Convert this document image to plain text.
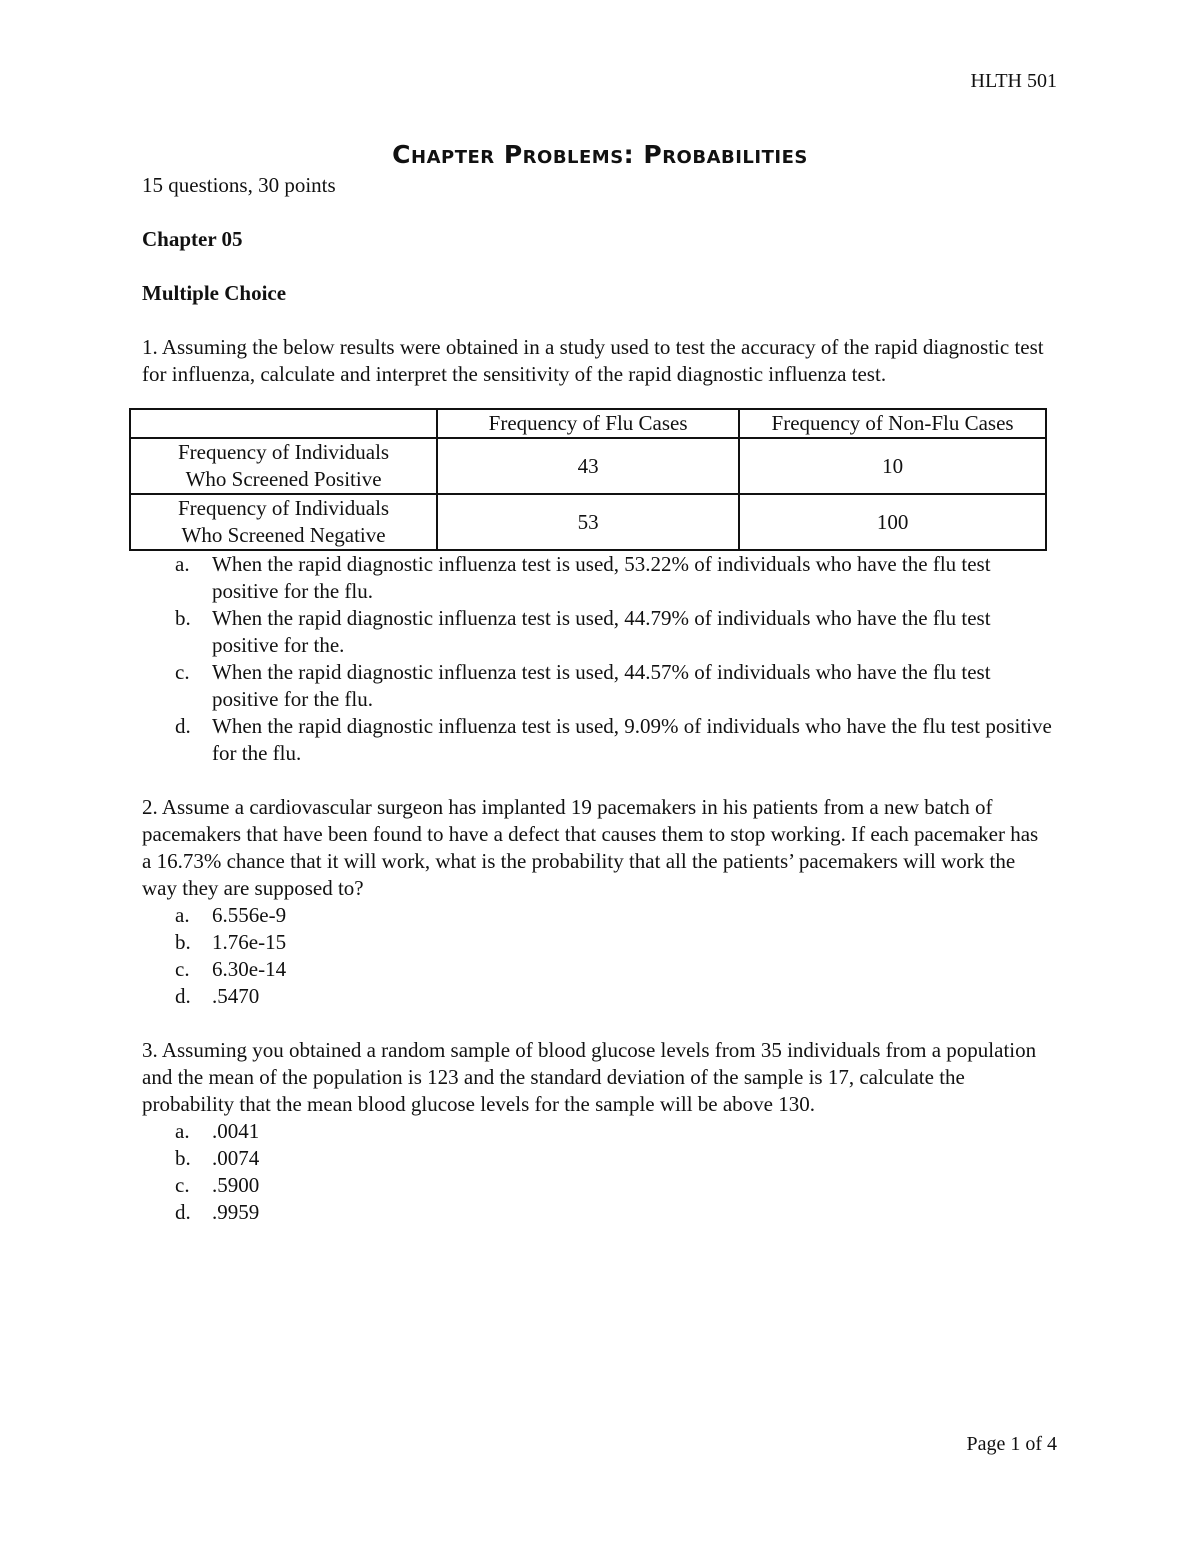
HLTH 501
Chapter Problems: Probabilities

15 questions, 30 points

Chapter 05

Multiple Choice

1. Assuming the below results were obtained in a study used to test the accuracy of the rapid diagnostic test for influenza, calculate and interpret the sensitivity of the rapid diagnostic influenza test.

	Frequency of Flu Cases	Frequency of Non-Flu Cases
Frequency of Individuals
Who Screened Positive	43	10
Frequency of Individuals
Who Screened Negative	53	100
a. When the rapid diagnostic influenza test is used, 53.22% of individuals who have the flu test positive for the flu.
b. When the rapid diagnostic influenza test is used, 44.79% of individuals who have the flu test positive for the.
c. When the rapid diagnostic influenza test is used, 44.57% of individuals who have the flu test positive for the flu.
d. When the rapid diagnostic influenza test is used, 9.09% of individuals who have the flu test positive for the flu.

2. Assume a cardiovascular surgeon has implanted 19 pacemakers in his patients from a new batch of pacemakers that have been found to have a defect that causes them to stop working. If each pacemaker has a 16.73% chance that it will work, what is the probability that all the patients’ pacemakers will work the way they are supposed to?

a. 6.556e-9
b. 1.76e-15
c. 6.30e-14
d. .5470

3. Assuming you obtained a random sample of blood glucose levels from 35 individuals from a population and the mean of the population is 123 and the standard deviation of the sample is 17, calculate the probability that the mean blood glucose levels for the sample will be above 130.

a. .0041
b. .0074
c. .5900
d. .9959
Page 1 of 4
